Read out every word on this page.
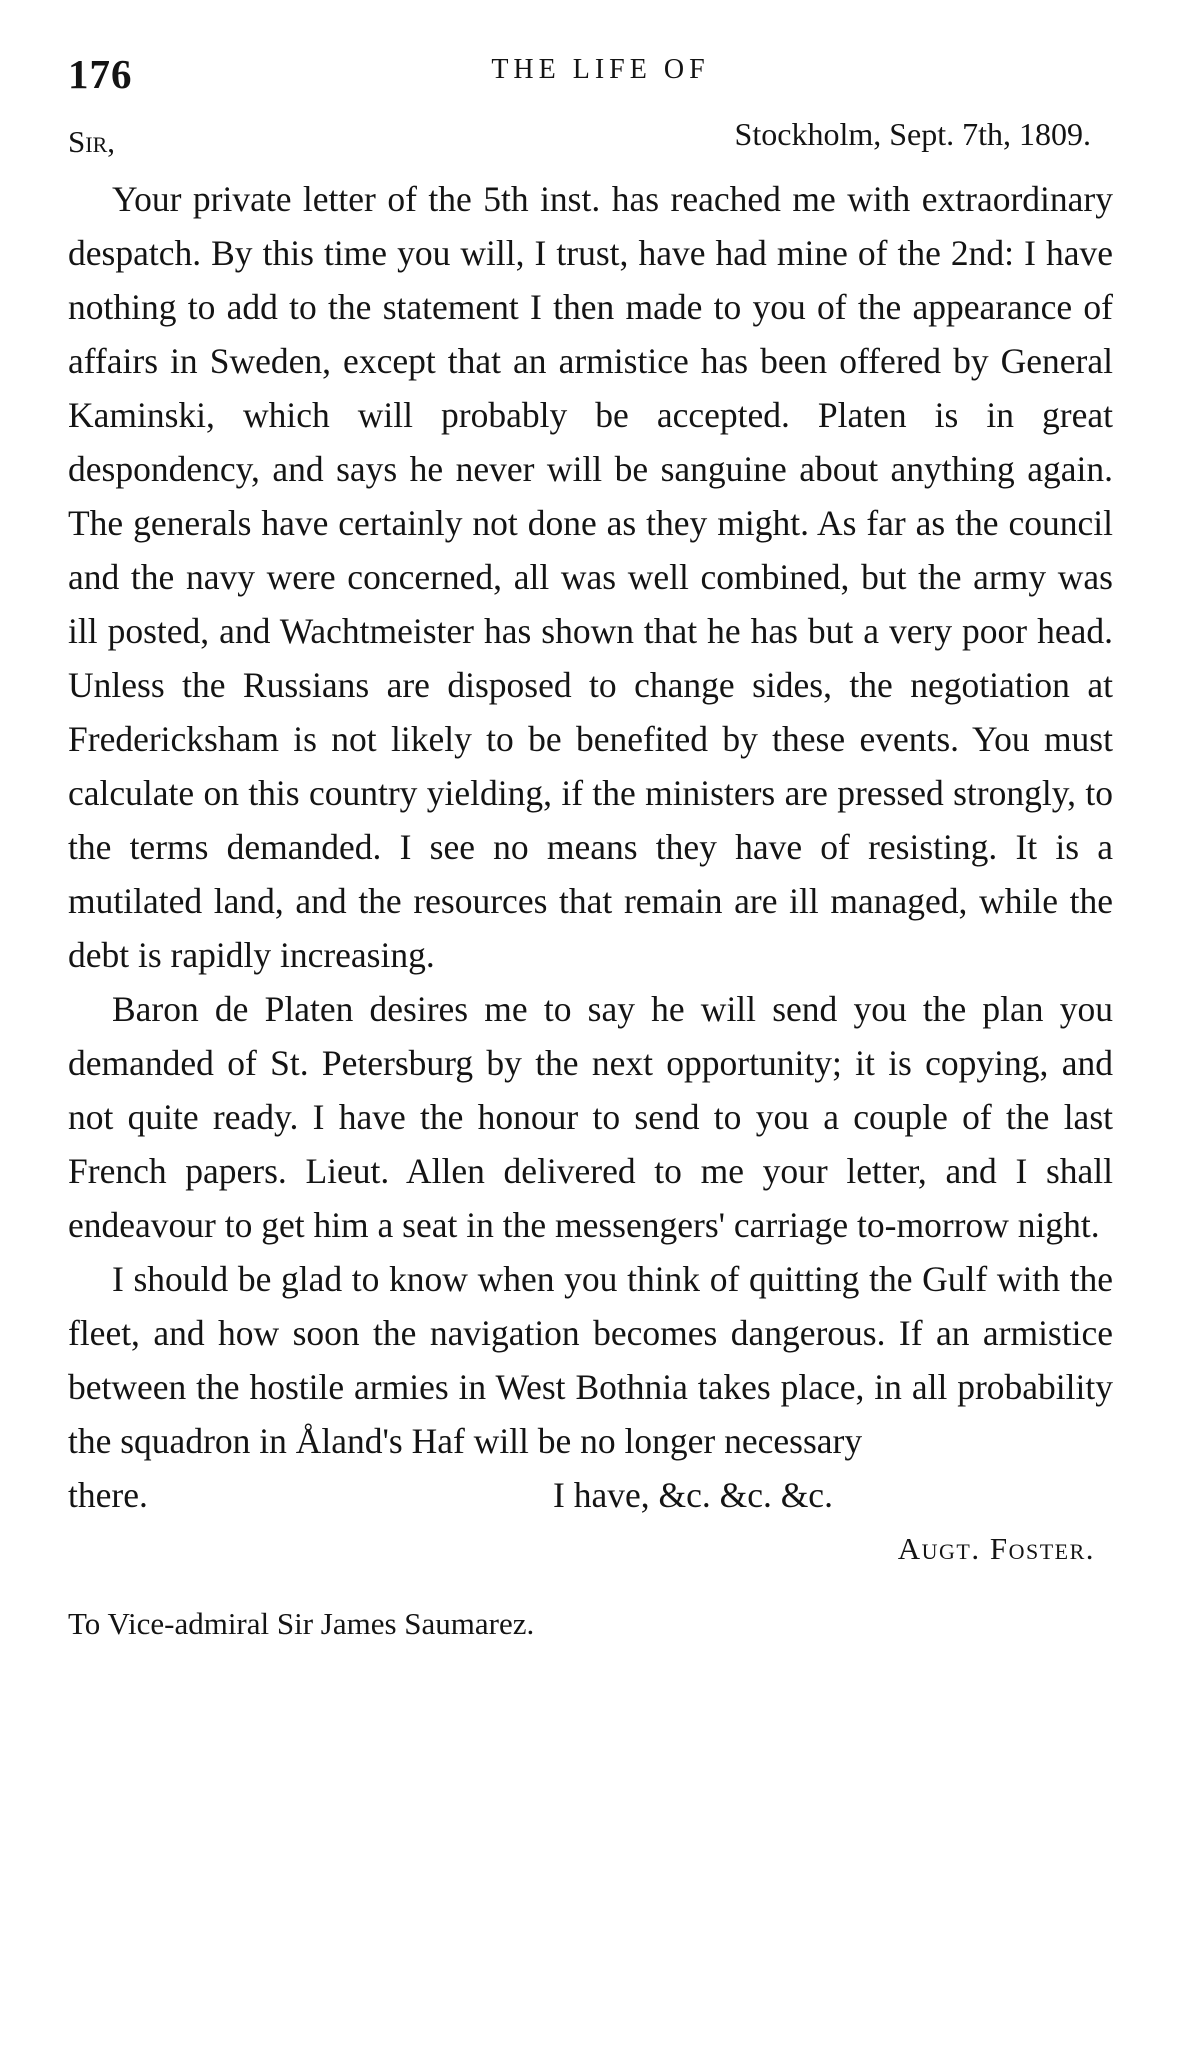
176	THE LIFE OF
Sir,	Stockholm, Sept. 7th, 1809.

Your private letter of the 5th inst. has reached me with extraordinary despatch. By this time you will, I trust, have had mine of the 2nd: I have nothing to add to the statement I then made to you of the appearance of affairs in Sweden, except that an armistice has been offered by General Kaminski, which will probably be accepted. Platen is in great despondency, and says he never will be sanguine about anything again. The generals have certainly not done as they might. As far as the council and the navy were concerned, all was well combined, but the army was ill posted, and Wachtmeister has shown that he has but a very poor head. Unless the Russians are disposed to change sides, the negotiation at Fredericksham is not likely to be benefited by these events. You must calculate on this country yielding, if the ministers are pressed strongly, to the terms demanded. I see no means they have of resisting. It is a mutilated land, and the resources that remain are ill managed, while the debt is rapidly increasing.

Baron de Platen desires me to say he will send you the plan you demanded of St. Petersburg by the next opportunity; it is copying, and not quite ready. I have the honour to send to you a couple of the last French papers. Lieut. Allen delivered to me your letter, and I shall endeavour to get him a seat in the messengers' carriage to-morrow night.

I should be glad to know when you think of quitting the Gulf with the fleet, and how soon the navigation becomes dangerous. If an armistice between the hostile armies in West Bothnia takes place, in all probability the squadron in Åland's Haf will be no longer necessary

there.	I have, &c. &c. &c.
Augt. Foster.
To Vice-admiral Sir James Saumarez.
